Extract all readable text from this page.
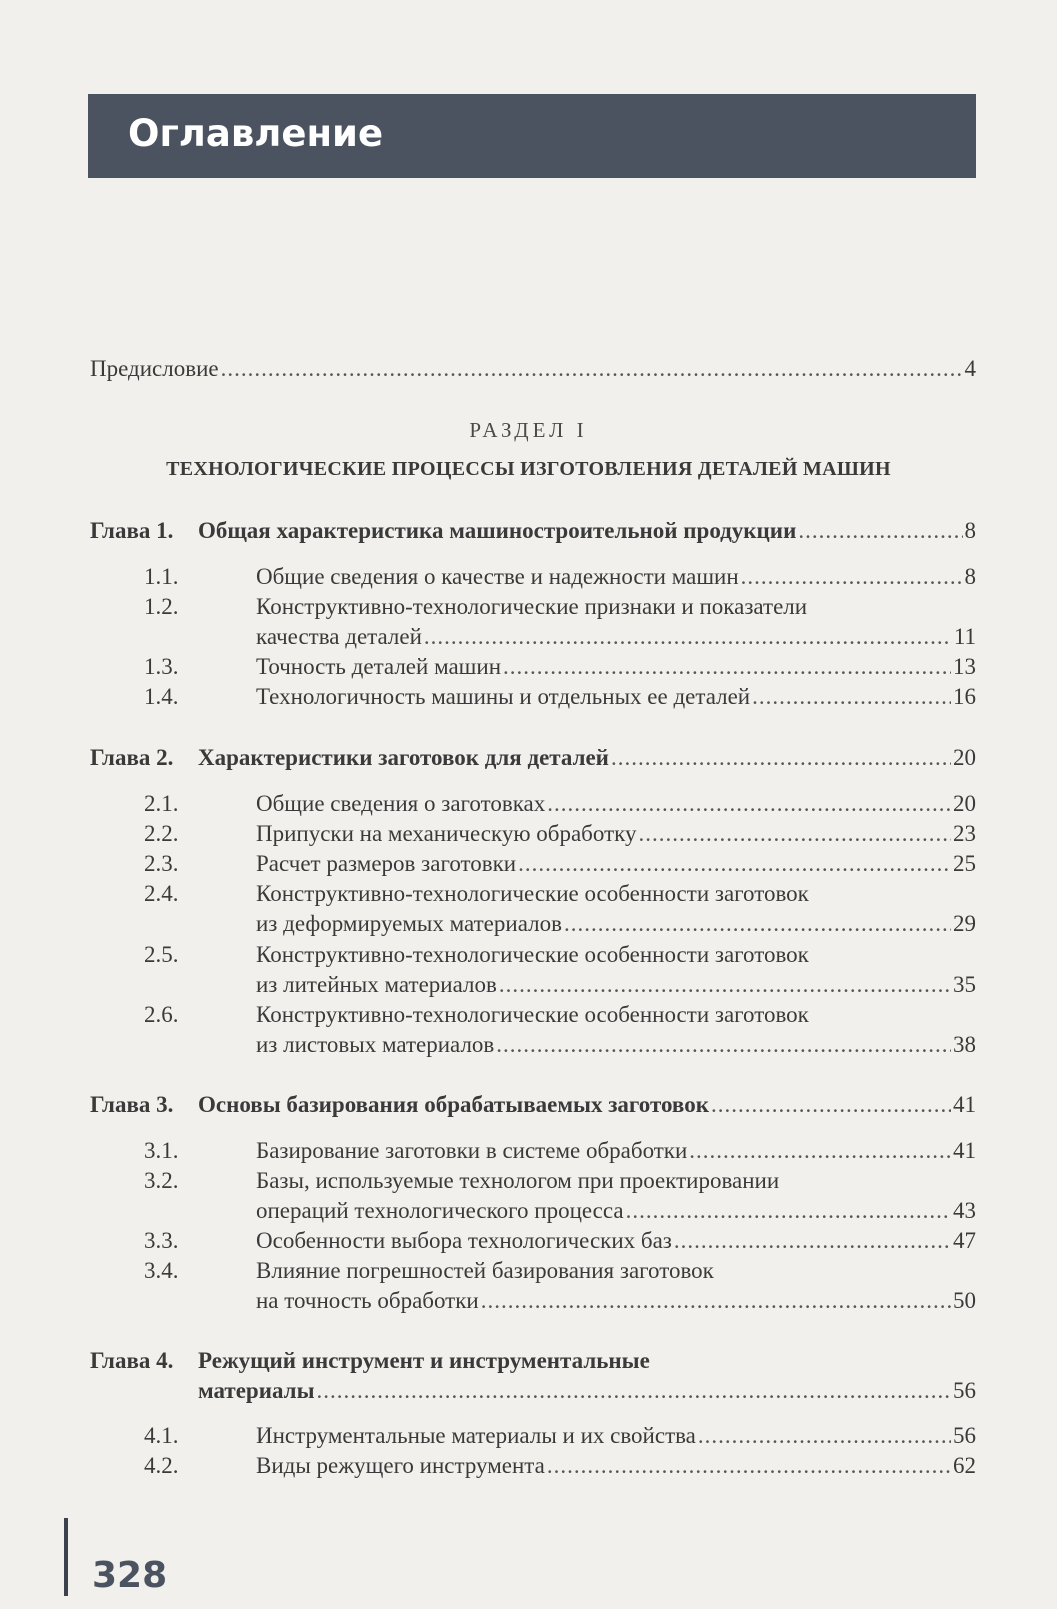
Оглавление
Предисловие .....	4
РАЗДЕЛ I
ТЕХНОЛОГИЧЕСКИЕ ПРОЦЕССЫ ИЗГОТОВЛЕНИЯ ДЕТАЛЕЙ МАШИН
Глава 1.	Общая характеристика машиностроительной продукции .....	8
1.1.	Общие сведения о качестве и надежности машин .....	8
1.2.	Конструктивно-технологические признаки и показатели
качества деталей .....	11
1.3.	Точность деталей машин .....	13
1.4.	Технологичность машины и отдельных ее деталей .....	16
Глава 2.	Характеристики заготовок для деталей .....	20
2.1.	Общие сведения о заготовках .....	20
2.2.	Припуски на механическую обработку .....	23
2.3.	Расчет размеров заготовки .....	25
2.4.	Конструктивно-технологические особенности заготовок
из деформируемых материалов .....	29
2.5.	Конструктивно-технологические особенности заготовок
из литейных материалов .....	35
2.6.	Конструктивно-технологические особенности заготовок
из листовых материалов .....	38
Глава 3.	Основы базирования обрабатываемых заготовок .....	41
3.1.	Базирование заготовки в системе обработки .....	41
3.2.	Базы, используемые технологом при проектировании
операций технологического процесса .....	43
3.3.	Особенности выбора технологических баз .....	47
3.4.	Влияние погрешностей базирования заготовок
на точность обработки .....	50
Глава 4.	Режущий инструмент и инструментальные
материалы .....	56
4.1.	Инструментальные материалы и их свойства .....	56
4.2.	Виды режущего инструмента .....	62
328
